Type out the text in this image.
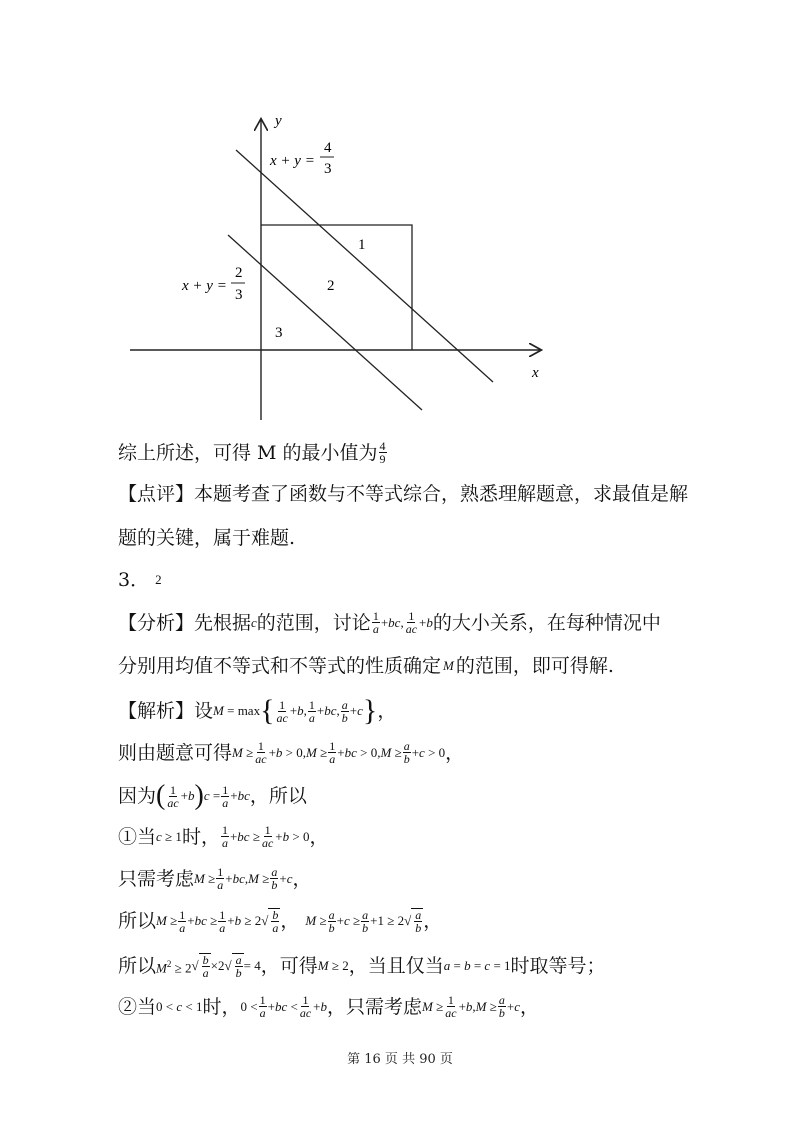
x
y
x + y =
4
3
x + y =
2
3
1
2
3
综上所述，可得 M 的最小值为 $\frac{4}{9}$
【点评】本题考查了函数与不等式综合，熟悉理解题意，求最值是解
题的关键，属于难题.
3． 2
【分析】先根据 c 的范围，讨论 $\frac{1}{a} +bc$, $\frac{1}{ac} +b$ 的大小关系，在每种情况中
分别用均值不等式和不等式的性质确定 M 的范围，即可得解.
【解析】设 M = max { $\frac{1}{ac} +b$, $\frac{1}{a} +bc$, $\frac{a}{b} +c$ } ，
则由题意可得 $M \ge \frac{1}{ac} +b > 0,M \ge \frac{1}{a} +bc > 0,M \ge \frac{a}{b} +c > 0$ ，
因为 ( $\frac{1}{ac} +b$ ) $c = \frac{1}{a} +bc$ ，所以
①当 c ≥ 1 时， $\frac{1}{a} +bc \ge \frac{1}{ac} +b > 0$ ，
只需考虑 $M \ge \frac{1}{a} +bc,M \ge \frac{a}{b} +c$ ，
所以 $M \ge \frac{1}{a} +bc \ge \frac{1}{a} +b \ge 2$ √ $\frac{b}{a}$ ， $M \ge \frac{a}{b} +c \ge \frac{a}{b} +1 \ge 2$ √ $\frac{a}{b}$ ，
所以 $M^2 \ge 2$ √ $\frac{b}{a} \times 2$ √ $\frac{a}{b} = 4$ ，可得 M ≥ 2 ，当且仅当 a = b = c = 1 时取等号；
②当 0 < c < 1 时， $0 < \frac{1}{a} +bc < \frac{1}{ac} +b$ ，只需考虑 $M \ge \frac{1}{ac} +b,M \ge \frac{a}{b} +c$ ，
第 16 页 共 90 页
